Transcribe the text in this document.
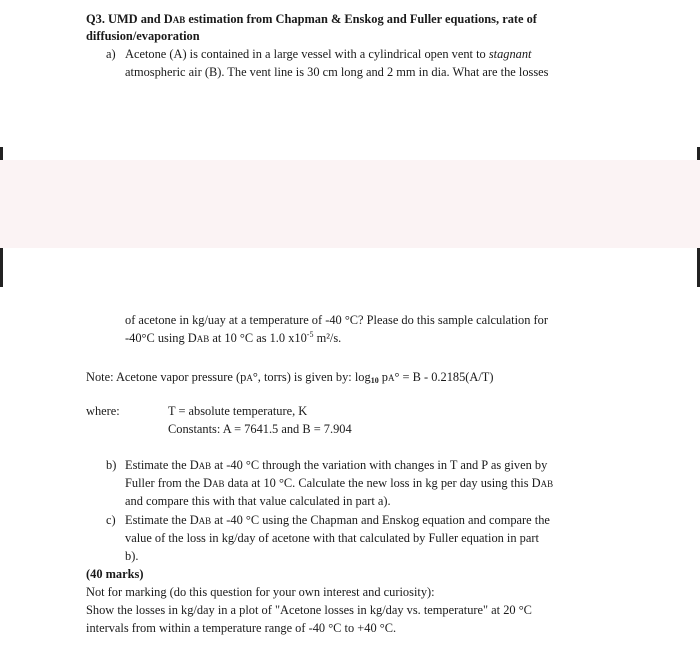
Q3. UMD and DAB estimation from Chapman & Enskog and Fuller equations, rate of
diffusion/evaporation
a) Acetone (A) is contained in a large vessel with a cylindrical open vent to stagnant
atmospheric air (B). The vent line is 30 cm long and 2 mm in dia. What are the losses
of acetone in kg/uay at a temperature of -40 °C? Please do this sample calculation for
-40°C using DAB at 10 °C as 1.0 $x10^{-5}$ m²/s.
Note: Acetone vapor pressure (pA°, torrs) is given by: log10 pA° = B - 0.2185(A/T)
where:	T = absolute temperature, K
Constants: A = 7641.5 and B = 7.904
b) Estimate the DAB at -40 °C through the variation with changes in T and P as given by
Fuller from the DAB data at 10 °C. Calculate the new loss in kg per day using this DAB
and compare this with that value calculated in part a).
c) Estimate the DAB at -40 °C using the Chapman and Enskog equation and compare the
value of the loss in kg/day of acetone with that calculated by Fuller equation in part
b).
(40 marks)
Not for marking (do this question for your own interest and curiosity):
Show the losses in kg/day in a plot of "Acetone losses in kg/day vs. temperature" at 20 °C
intervals from within a temperature range of -40 °C to +40 °C.
